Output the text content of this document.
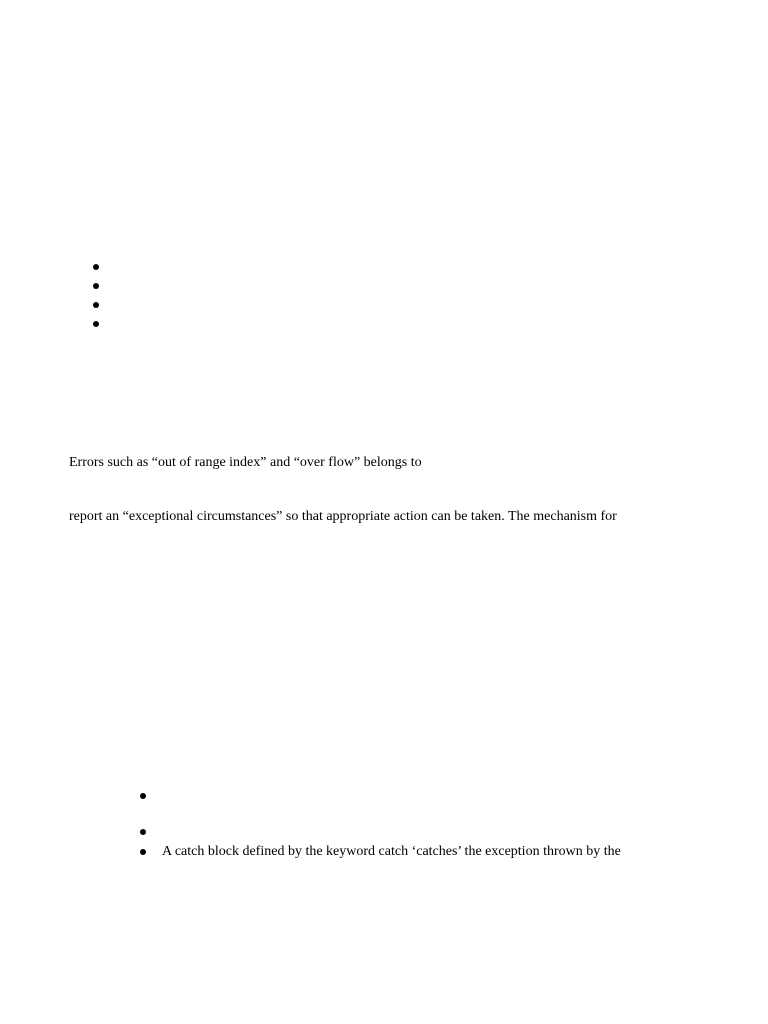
Errors such as “out of range index” and “over flow” belongs to
report an “exceptional circumstances” so that appropriate action can be taken. The mechanism for
A catch block defined by the keyword catch ‘catches’ the exception thrown by the
